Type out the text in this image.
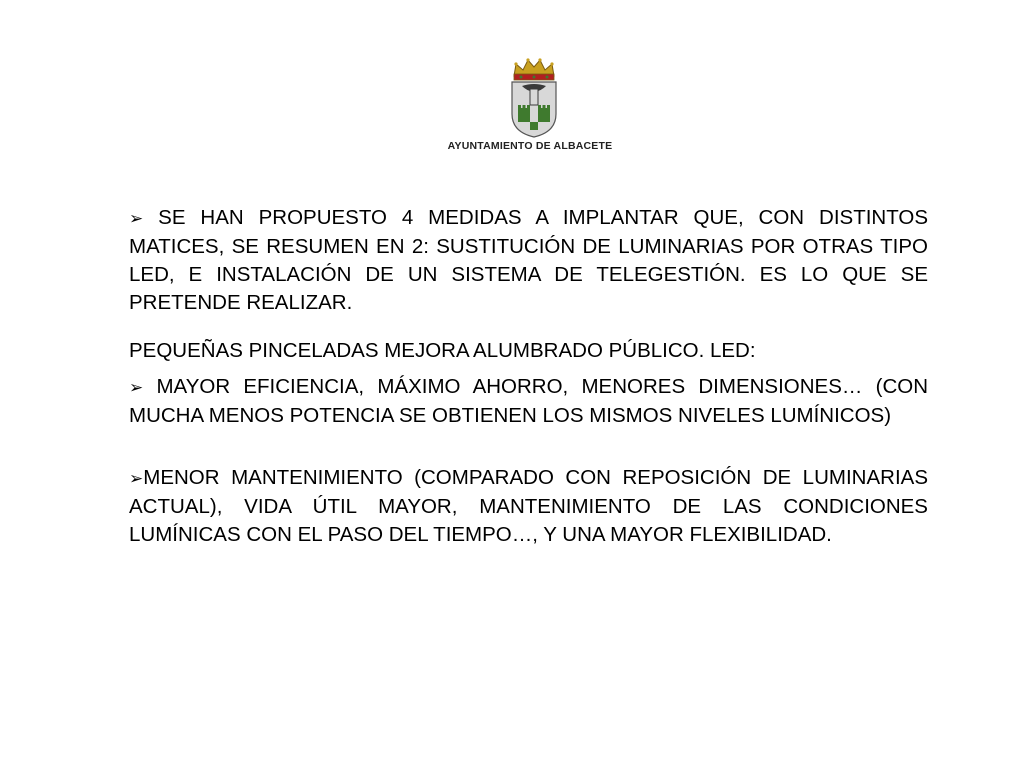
AYUNTAMIENTO DE ALBACETE

➢ SE HAN PROPUESTO 4 MEDIDAS A IMPLANTAR QUE, CON DISTINTOS MATICES, SE RESUMEN EN 2: SUSTITUCIÓN DE LUMINARIAS POR OTRAS TIPO LED, E INSTALACIÓN DE UN SISTEMA DE TELEGESTIÓN. ES LO QUE SE PRETENDE REALIZAR.

PEQUEÑAS PINCELADAS MEJORA ALUMBRADO PÚBLICO. LED:

➢ MAYOR EFICIENCIA, MÁXIMO AHORRO, MENORES DIMENSIONES… (CON MUCHA MENOS POTENCIA SE OBTIENEN LOS MISMOS NIVELES LUMÍNICOS)

➢MENOR MANTENIMIENTO (COMPARADO CON REPOSICIÓN DE LUMINARIAS ACTUAL), VIDA ÚTIL MAYOR, MANTENIMIENTO DE LAS CONDICIONES LUMÍNICAS CON EL PASO DEL TIEMPO…, Y UNA MAYOR FLEXIBILIDAD.
